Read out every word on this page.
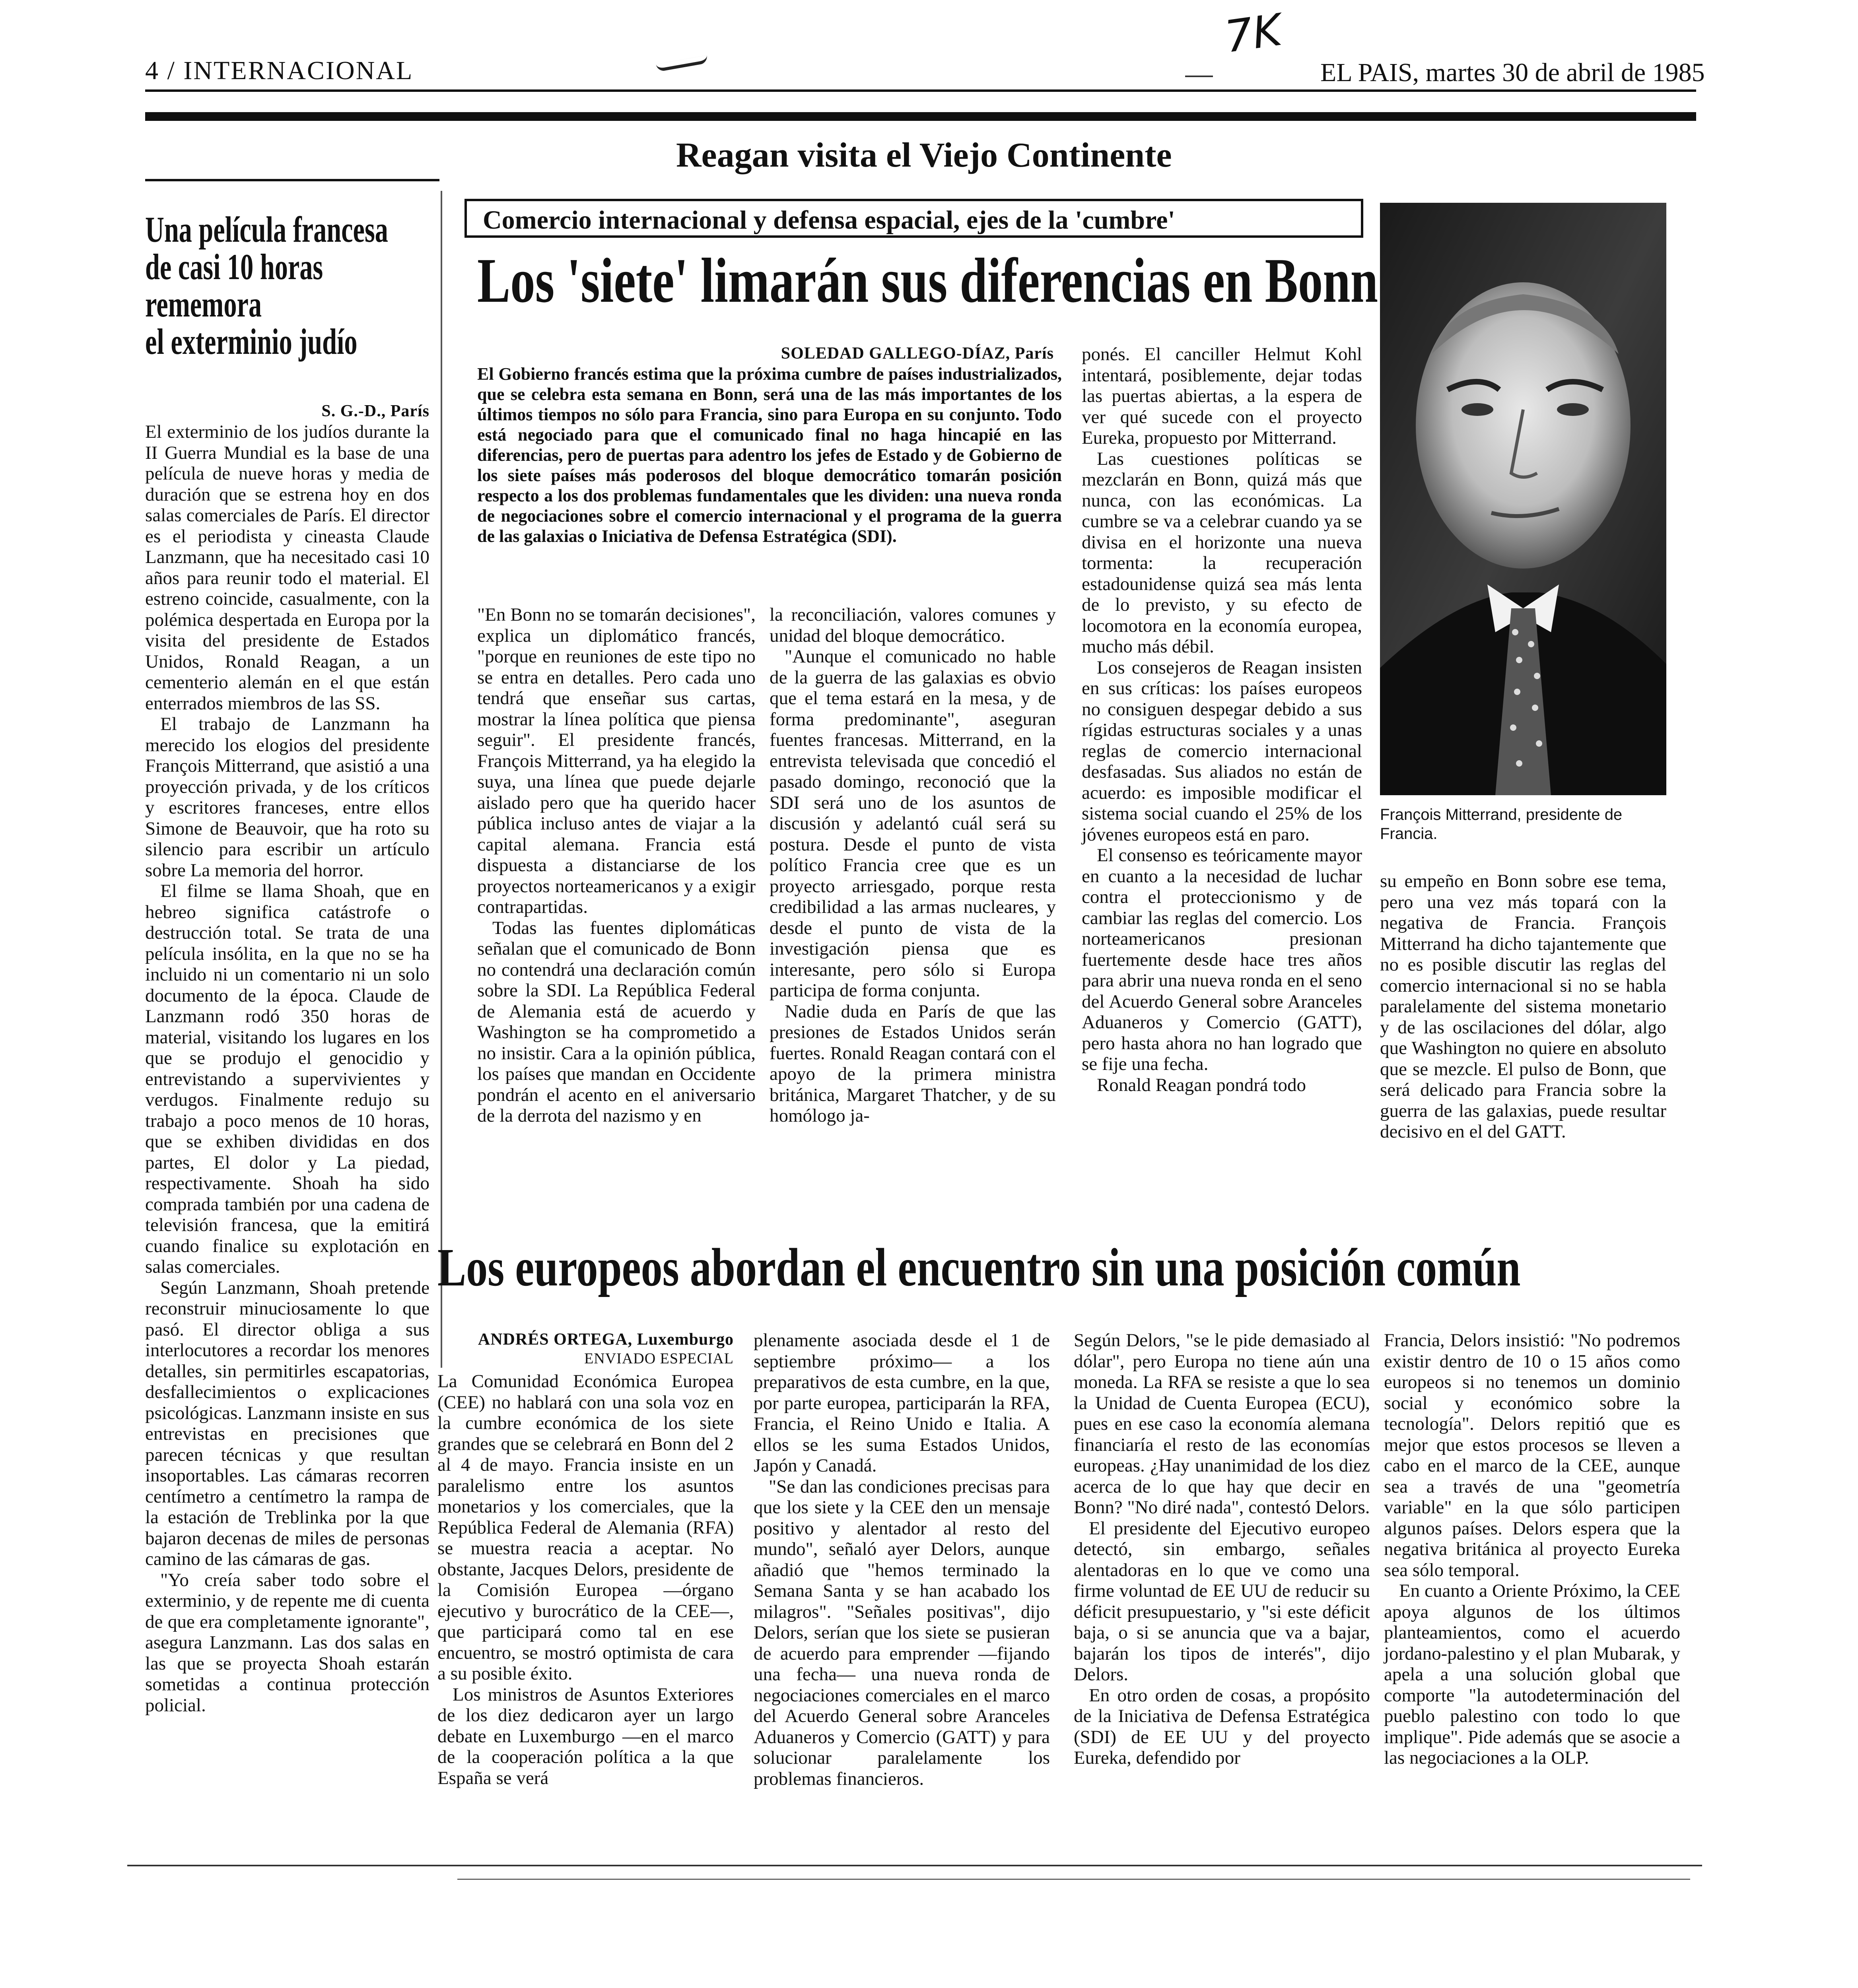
7K
4 / INTERNACIONAL	EL PAIS, martes 30 de abril de 1985
Reagan visita el Viejo Continente
Una película francesa
de casi 10 horas
rememora
el exterminio judío
S. G.-D., París

El exterminio de los judíos durante la II Guerra Mundial es la base de una película de nueve horas y media de duración que se estrena hoy en dos salas comerciales de París. El director es el periodista y cineasta Claude Lanzmann, que ha necesitado casi 10 años para reunir todo el material. El estreno coincide, casualmente, con la polémica despertada en Europa por la visita del presidente de Estados Unidos, Ronald Reagan, a un cementerio alemán en el que están enterrados miembros de las SS.

El trabajo de Lanzmann ha merecido los elogios del presidente François Mitterrand, que asistió a una proyección privada, y de los críticos y escritores franceses, entre ellos Simone de Beauvoir, que ha roto su silencio para escribir un artículo sobre La memoria del horror.

El filme se llama Shoah, que en hebreo significa catástrofe o destrucción total. Se trata de una película insólita, en la que no se ha incluido ni un comentario ni un solo documento de la época. Claude de Lanzmann rodó 350 horas de material, visitando los lugares en los que se produjo el genocidio y entrevistando a supervivientes y verdugos. Finalmente redujo su trabajo a poco menos de 10 horas, que se exhiben divididas en dos partes, El dolor y La piedad, respectivamente. Shoah ha sido comprada también por una cadena de televisión francesa, que la emitirá cuando finalice su explotación en salas comerciales.

Según Lanzmann, Shoah pretende reconstruir minuciosamente lo que pasó. El director obliga a sus interlocutores a recordar los menores detalles, sin permitirles escapatorias, desfallecimientos o explicaciones psicológicas. Lanzmann insiste en sus entrevistas en precisiones que parecen técnicas y que resultan insoportables. Las cámaras recorren centímetro a centímetro la rampa de la estación de Treblinka por la que bajaron decenas de miles de personas camino de las cámaras de gas.

"Yo creía saber todo sobre el exterminio, y de repente me di cuenta de que era completamente ignorante", asegura Lanzmann. Las dos salas en las que se proyecta Shoah estarán sometidas a continua protección policial.

Comercio internacional y defensa espacial, ejes de la 'cumbre'
Los 'siete' limarán sus diferencias en Bonn
SOLEDAD GALLEGO-DÍAZ, París

El Gobierno francés estima que la próxima cumbre de países industrializados, que se celebra esta semana en Bonn, será una de las más importantes de los últimos tiempos no sólo para Francia, sino para Europa en su conjunto. Todo está negociado para que el comunicado final no haga hincapié en las diferencias, pero de puertas para adentro los jefes de Estado y de Gobierno de los siete países más poderosos del bloque democrático tomarán posición respecto a los dos problemas fundamentales que les dividen: una nueva ronda de negociaciones sobre el comercio internacional y el programa de la guerra de las galaxias o Iniciativa de Defensa Estratégica (SDI).

"En Bonn no se tomarán decisiones", explica un diplomático francés, "porque en reuniones de este tipo no se entra en detalles. Pero cada uno tendrá que enseñar sus cartas, mostrar la línea política que piensa seguir". El presidente francés, François Mitterrand, ya ha elegido la suya, una línea que puede dejarle aislado pero que ha querido hacer pública incluso antes de viajar a la capital alemana. Francia está dispuesta a distanciarse de los proyectos norteamericanos y a exigir contrapartidas.

Todas las fuentes diplomáticas señalan que el comunicado de Bonn no contendrá una declaración común sobre la SDI. La República Federal de Alemania está de acuerdo y Washington se ha comprometido a no insistir. Cara a la opinión pública, los países que mandan en Occidente pondrán el acento en el aniversario de la derrota del nazismo y en

la reconciliación, valores comunes y unidad del bloque democrático.

"Aunque el comunicado no hable de la guerra de las galaxias es obvio que el tema estará en la mesa, y de forma predominante", aseguran fuentes francesas. Mitterrand, en la entrevista televisada que concedió el pasado domingo, reconoció que la SDI será uno de los asuntos de discusión y adelantó cuál será su postura. Desde el punto de vista político Francia cree que es un proyecto arriesgado, porque resta credibilidad a las armas nucleares, y desde el punto de vista de la investigación piensa que es interesante, pero sólo si Europa participa de forma conjunta.

Nadie duda en París de que las presiones de Estados Unidos serán fuertes. Ronald Reagan contará con el apoyo de la primera ministra británica, Margaret Thatcher, y de su homólogo ja-

ponés. El canciller Helmut Kohl intentará, posiblemente, dejar todas las puertas abiertas, a la espera de ver qué sucede con el proyecto Eureka, propuesto por Mitterrand.

Las cuestiones políticas se mezclarán en Bonn, quizá más que nunca, con las económicas. La cumbre se va a celebrar cuando ya se divisa en el horizonte una nueva tormenta: la recuperación estadounidense quizá sea más lenta de lo previsto, y su efecto de locomotora en la economía europea, mucho más débil.

Los consejeros de Reagan insisten en sus críticas: los países europeos no consiguen despegar debido a sus rígidas estructuras sociales y a unas reglas de comercio internacional desfasadas. Sus aliados no están de acuerdo: es imposible modificar el sistema social cuando el 25% de los jóvenes europeos está en paro.

El consenso es teóricamente mayor en cuanto a la necesidad de luchar contra el proteccionismo y de cambiar las reglas del comercio. Los norteamericanos presionan fuertemente desde hace tres años para abrir una nueva ronda en el seno del Acuerdo General sobre Aranceles Aduaneros y Comercio (GATT), pero hasta ahora no han logrado que se fije una fecha.

Ronald Reagan pondrá todo

François Mitterrand, presidente de Francia.

su empeño en Bonn sobre ese tema, pero una vez más topará con la negativa de Francia. François Mitterrand ha dicho tajantemente que no es posible discutir las reglas del comercio internacional si no se habla paralelamente del sistema monetario y de las oscilaciones del dólar, algo que Washington no quiere en absoluto que se mezcle. El pulso de Bonn, que será delicado para Francia sobre la guerra de las galaxias, puede resultar decisivo en el del GATT.

Los europeos abordan el encuentro sin una posición común
ANDRÉS ORTEGA, Luxemburgo
ENVIADO ESPECIAL

La Comunidad Económica Europea (CEE) no hablará con una sola voz en la cumbre económica de los siete grandes que se celebrará en Bonn del 2 al 4 de mayo. Francia insiste en un paralelismo entre los asuntos monetarios y los comerciales, que la República Federal de Alemania (RFA) se muestra reacia a aceptar. No obstante, Jacques Delors, presidente de la Comisión Europea —órgano ejecutivo y burocrático de la CEE—, que participará como tal en ese encuentro, se mostró optimista de cara a su posible éxito.

Los ministros de Asuntos Exteriores de los diez dedicaron ayer un largo debate en Luxemburgo —en el marco de la cooperación política a la que España se verá

plenamente asociada desde el 1 de septiembre próximo— a los preparativos de esta cumbre, en la que, por parte europea, participarán la RFA, Francia, el Reino Unido e Italia. A ellos se les suma Estados Unidos, Japón y Canadá.

"Se dan las condiciones precisas para que los siete y la CEE den un mensaje positivo y alentador al resto del mundo", señaló ayer Delors, aunque añadió que "hemos terminado la Semana Santa y se han acabado los milagros". "Señales positivas", dijo Delors, serían que los siete se pusieran de acuerdo para emprender —fijando una fecha— una nueva ronda de negociaciones comerciales en el marco del Acuerdo General sobre Aranceles Aduaneros y Comercio (GATT) y para solucionar paralelamente los problemas financieros.

Según Delors, "se le pide demasiado al dólar", pero Europa no tiene aún una moneda. La RFA se resiste a que lo sea la Unidad de Cuenta Europea (ECU), pues en ese caso la economía alemana financiaría el resto de las economías europeas. ¿Hay unanimidad de los diez acerca de lo que hay que decir en Bonn? "No diré nada", contestó Delors.

El presidente del Ejecutivo europeo detectó, sin embargo, señales alentadoras en lo que ve como una firme voluntad de EE UU de reducir su déficit presupuestario, y "si este déficit baja, o si se anuncia que va a bajar, bajarán los tipos de interés", dijo Delors.

En otro orden de cosas, a propósito de la Iniciativa de Defensa Estratégica (SDI) de EE UU y del proyecto Eureka, defendido por

Francia, Delors insistió: "No podremos existir dentro de 10 o 15 años como europeos si no tenemos un dominio social y económico sobre la tecnología". Delors repitió que es mejor que estos procesos se lleven a cabo en el marco de la CEE, aunque sea a través de una "geometría variable" en la que sólo participen algunos países. Delors espera que la negativa británica al proyecto Eureka sea sólo temporal.

En cuanto a Oriente Próximo, la CEE apoya algunos de los últimos planteamientos, como el acuerdo jordano-palestino y el plan Mubarak, y apela a una solución global que comporte "la autodeterminación del pueblo palestino con todo lo que implique". Pide además que se asocie a las negociaciones a la OLP.
